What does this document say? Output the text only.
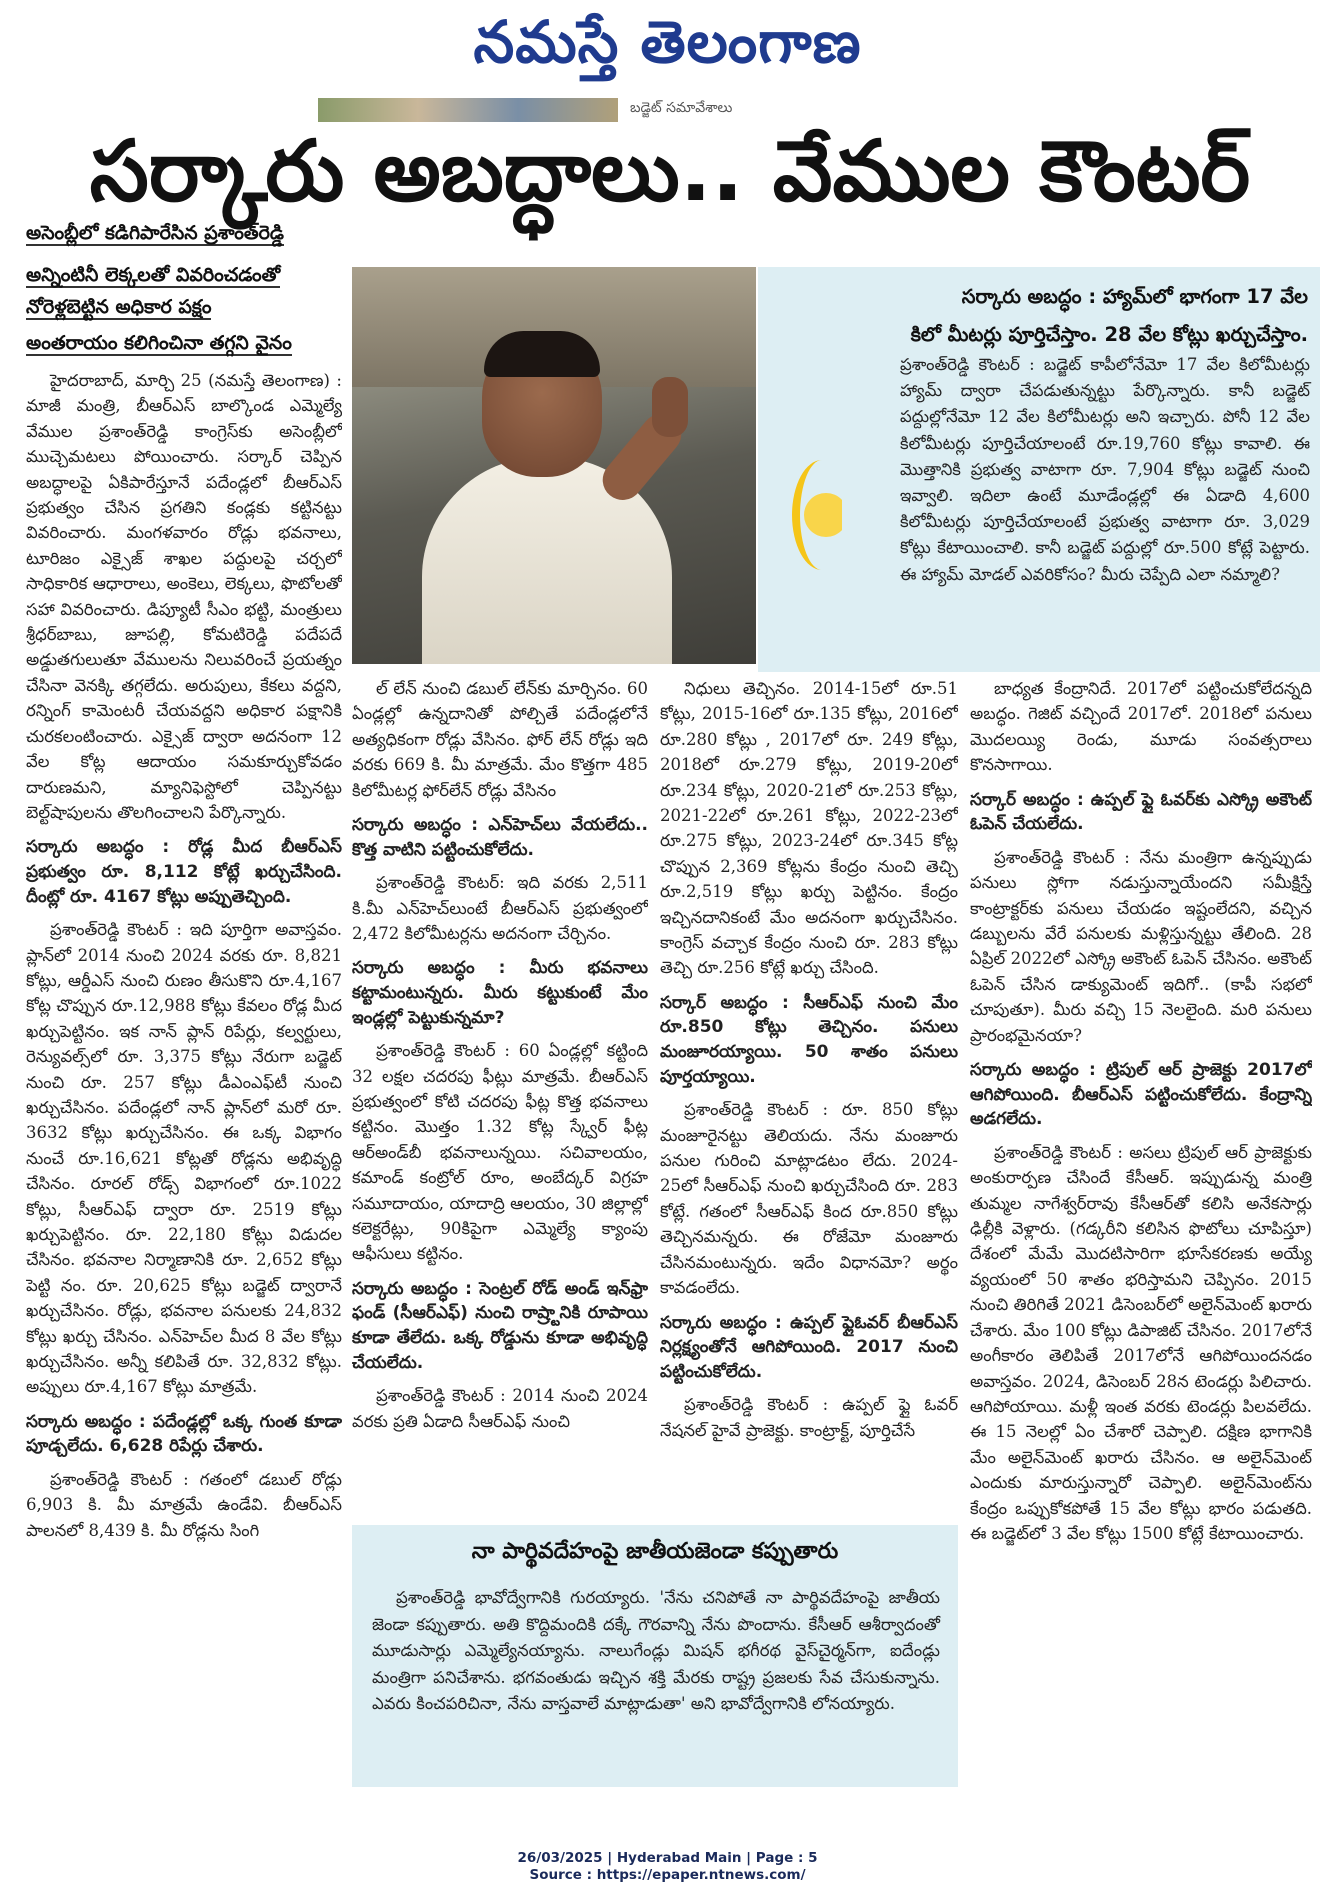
నమస్తే తెలంగాణ
బడ్జెట్ సమావేశాలు
సర్కారు అబద్ధాలు.. వేముల కౌంటర్
అసెంబ్లీలో కడిగిపారేసిన ప్రశాంత్‌రెడ్డి
అన్నింటినీ లెక్కలతో వివరించడంతో
నోరెళ్లబెట్టిన అధికార పక్షం
అంతరాయం కలిగించినా తగ్గని వైనం

హైదరాబాద్, మార్చి 25 (నమస్తే తెలంగాణ) : మాజీ మంత్రి, బీఆర్‌ఎస్ బాల్కొండ ఎమ్మెల్యే వేముల ప్రశాంత్‌రెడ్డి కాంగ్రెస్‌కు అసెంబ్లీలో ముచ్చెమటలు పోయించారు. సర్కార్ చెప్పిన అబద్ధాలపై ఏకిపారేస్తూనే పదేండ్లలో బీఆర్‌ఎస్ ప్రభుత్వం చేసిన ప్రగతిని కండ్లకు కట్టినట్టు వివరించారు. మంగళవారం రోడ్లు భవనాలు, టూరిజం ఎక్సైజ్ శాఖల పద్దులపై చర్చలో సాధికారిక ఆధారాలు, అంకెలు, లెక్కలు, ఫొటోలతో సహా వివరించారు. డిప్యూటీ సీఎం భట్టి, మంత్రులు శ్రీధర్‌బాబు, జూపల్లి, కోమటిరెడ్డి పదేపదే అడ్డుతగులుతూ వేములను నిలువరించే ప్రయత్నం చేసినా వెనక్కి తగ్గలేదు. అరుపులు, కేకలు వద్దని, రన్నింగ్ కామెంటరీ చేయవద్దని అధికార పక్షానికి చురకలంటించారు. ఎక్సైజ్ ద్వారా అదనంగా 12 వేల కోట్ల ఆదాయం సమకూర్చుకోవడం దారుణమని, మ్యానిఫెస్టోలో చెప్పినట్టు బెల్ట్‌షాపులను తొలగించాలని పేర్కొన్నారు.

సర్కారు అబద్ధం : రోడ్ల మీద బీఆర్‌ఎస్ ప్రభుత్వం రూ. 8,112 కోట్లే ఖర్చుచేసింది. దీంట్లో రూ. 4167 కోట్లు అప్పుతెచ్చింది.

ప్రశాంత్‌రెడ్డి కౌంటర్ : ఇది పూర్తిగా అవాస్తవం. ప్లాన్‌లో 2014 నుంచి 2024 వరకు రూ. 8,821 కోట్లు, ఆర్డీఎస్ నుంచి రుణం తీసుకొని రూ.4,167 కోట్ల చొప్పున రూ.12,988 కోట్లు కేవలం రోడ్ల మీద ఖర్చుపెట్టినం. ఇక నాన్ ప్లాన్ రిపేర్లు, కల్వర్టులు, రెన్యువల్స్‌లో రూ. 3,375 కోట్లు నేరుగా బడ్జెట్ నుంచి రూ. 257 కోట్లు డీఎంఎఫ్‌టీ నుంచి ఖర్చుచేసినం. పదేండ్లలో నాన్ ప్లాన్‌లో మరో రూ. 3632 కోట్లు ఖర్చుచేసినం. ఈ ఒక్క విభాగం నుంచే రూ.16,621 కోట్లతో రోడ్లను అభివృద్ధి చేసినం. రూరల్ రోడ్స్ విభాగంలో రూ.1022 కోట్లు, సీఆర్‌ఎఫ్ ద్వారా రూ. 2519 కోట్లు ఖర్చుపెట్టినం. రూ. 22,180 కోట్లు విడుదల చేసినం. భవనాల నిర్మాణానికి రూ. 2,652 కోట్లు పెట్టి నం. రూ. 20,625 కోట్లు బడ్జెట్ ద్వారానే ఖర్చుచేసినం. రోడ్లు, భవనాల పనులకు 24,832 కోట్లు ఖర్చు చేసినం. ఎన్‌హెచ్‌ల మీద 8 వేల కోట్లు ఖర్చుచేసినం. అన్నీ కలిపితే రూ. 32,832 కోట్లు. అప్పులు రూ.4,167 కోట్లు మాత్రమే.

సర్కారు అబద్ధం : పదేండ్లల్లో ఒక్క గుంత కూడా పూడ్చలేదు. 6,628 రిపేర్లు చేశారు.

ప్రశాంత్‌రెడ్డి కౌంటర్ : గతంలో డబుల్ రోడ్లు 6,903 కి. మీ మాత్రమే ఉండేవి. బీఆర్‌ఎస్ పాలనలో 8,439 కి. మీ రోడ్లను సింగి

ల్ లేన్ నుంచి డబుల్ లేన్‌కు మార్చినం. 60 ఏండ్లల్లో ఉన్నదానితో పోల్చితే పదేండ్లలోనే అత్యధికంగా రోడ్లు వేసినం. ఫోర్ లేన్ రోడ్లు ఇది వరకు 669 కి. మీ మాత్రమే. మేం కొత్తగా 485 కిలోమీటర్ల ఫోర్‌లేన్ రోడ్లు వేసినం

సర్కారు అబద్ధం : ఎన్‌హెచ్‌లు వేయలేదు.. కొత్త వాటిని పట్టించుకోలేదు.

ప్రశాంత్‌రెడ్డి కౌంటర్: ఇది వరకు 2,511 కి.మీ ఎన్‌హెచ్‌లుంటే బీఆర్‌ఎస్ ప్రభుత్వంలో 2,472 కిలోమీటర్లను అదనంగా చేర్చినం.

సర్కారు అబద్ధం : మీరు భవనాలు కట్టామంటున్నరు. మీరు కట్టుకుంటే మేం ఇండ్లల్లో పెట్టుకున్నమా?

ప్రశాంత్‌రెడ్డి కౌంటర్ : 60 ఏండ్లల్లో కట్టింది 32 లక్షల చదరపు ఫీట్లు మాత్రమే. బీఆర్‌ఎస్ ప్రభుత్వంలో కోటి చదరపు ఫీట్ల కొత్త భవనాలు కట్టినం. మొత్తం 1.32 కోట్ల స్క్వేర్ ఫీట్ల ఆర్‌అండ్‌బీ భవనాలున్నయి. సచివాలయం, కమాండ్ కంట్రోల్ రూం, అంబేద్కర్ విగ్రహ సమూదాయం, యాదాద్రి ఆలయం, 30 జిల్లాల్లో కలెక్టరేట్లు, 90కిపైగా ఎమ్మెల్యే క్యాంపు ఆఫీసులు కట్టినం.

సర్కారు అబద్ధం : సెంట్రల్ రోడ్ అండ్ ఇన్‌ఫ్రా ఫండ్ (సీఆర్‌ఎఫ్) నుంచి రాష్ర్టానికి రూపాయి కూడా తేలేదు. ఒక్క రోడ్డును కూడా అభివృద్ధి చేయలేదు.

ప్రశాంత్‌రెడ్డి కౌంటర్ : 2014 నుంచి 2024 వరకు ప్రతి ఏడాది సీఆర్‌ఎఫ్ నుంచి

నిధులు తెచ్చినం. 2014-15లో రూ.51 కోట్లు, 2015-16లో రూ.135 కోట్లు, 2016లో రూ.280 కోట్లు , 2017లో రూ. 249 కోట్లు, 2018లో రూ.279 కోట్లు, 2019-20లో రూ.234 కోట్లు, 2020-21లో రూ.253 కోట్లు, 2021-22లో రూ.261 కోట్లు, 2022-23లో రూ.275 కోట్లు, 2023-24లో రూ.345 కోట్ల చొప్పున 2,369 కోట్లను కేంద్రం నుంచి తెచ్చి రూ.2,519 కోట్లు ఖర్చు పెట్టినం. కేంద్రం ఇచ్చినదానికంటే మేం అదనంగా ఖర్చుచేసినం. కాంగ్రెస్ వచ్చాక కేంద్రం నుంచి రూ. 283 కోట్లు తెచ్చి రూ.256 కోట్లే ఖర్చు చేసింది.

సర్కార్ అబద్ధం : సీఆర్‌ఎఫ్ నుంచి మేం రూ.850 కోట్లు తెచ్చినం. పనులు మంజూరయ్యాయి. 50 శాతం పనులు పూర్తయ్యాయి.

ప్రశాంత్‌రెడ్డి కౌంటర్ : రూ. 850 కోట్లు మంజూరైనట్టు తెలియదు. నేను మంజూరు పనుల గురించి మాట్లాడటం లేదు. 2024-25లో సీఆర్‌ఎఫ్ నుంచి ఖర్చుచేసింది రూ. 283 కోట్లే. గతంలో సీఆర్‌ఎఫ్ కింద రూ.850 కోట్లు తెచ్చినమన్నరు. ఈ రోజేమో మంజూరు చేసినమంటున్నరు. ఇదేం విధానమో? అర్థం కావడంలేదు.

సర్కారు అబద్ధం : ఉప్పల్ ఫ్లైఓవర్ బీఆర్‌ఎస్ నిర్లక్ష్యంతోనే ఆగిపోయింది. 2017 నుంచి పట్టించుకోలేదు.

ప్రశాంత్‌రెడ్డి కౌంటర్ : ఉప్పల్ ఫ్లై ఓవర్ నేషనల్ హైవే ప్రాజెక్టు. కాంట్రాక్ట్, పూర్తిచేసే

బాధ్యత కేంద్రానిదే. 2017లో పట్టించుకోలేదన్నది అబద్ధం. గెజిట్ వచ్చిందే 2017లో. 2018లో పనులు మొదలయ్యి రెండు, మూడు సంవత్సరాలు కొనసాగాయి.

సర్కార్ అబద్ధం : ఉప్పల్ ఫ్లై ఓవర్‌కు ఎస్క్రో అకౌంట్ ఓపెన్ చేయలేదు.

ప్రశాంత్‌రెడ్డి కౌంటర్ : నేను మంత్రిగా ఉన్నప్పుడు పనులు స్లోగా నడుస్తున్నాయేందని సమీక్షిస్తే కాంట్రాక్టర్‌కు పనులు చేయడం ఇష్టంలేదని, వచ్చిన డబ్బులను వేరే పనులకు మళ్లిస్తున్నట్టు తేలింది. 28 ఏప్రిల్ 2022లో ఎస్క్రో అకౌంట్ ఓపెన్ చేసినం. అకౌంట్ ఓపెన్ చేసిన డాక్యుమెంట్ ఇదిగో.. (కాపీ సభలో చూపుతూ). మీరు వచ్చి 15 నెలలైంది. మరి పనులు ప్రారంభమైనయా?

సర్కారు అబద్ధం : ట్రిపుల్ ఆర్ ప్రాజెక్టు 2017లో ఆగిపోయింది. బీఆర్‌ఎస్ పట్టించుకోలేదు. కేంద్రాన్ని అడగలేదు.

ప్రశాంత్‌రెడ్డి కౌంటర్ : అసలు ట్రిపుల్ ఆర్ ప్రాజెక్టుకు అంకురార్పణ చేసిందే కేసీఆర్. ఇప్పుడున్న మంత్రి తుమ్మల నాగేశ్వర్‌రావు కేసీఆర్‌తో కలిసి అనేకసార్లు ఢిల్లీకి వెళ్లారు. (గడ్కరీని కలిసిన ఫొటోలు చూపిస్తూ) దేశంలో మేమే మొదటిసారిగా భూసేకరణకు అయ్యే వ్యయంలో 50 శాతం భరిస్తామని చెప్పినం. 2015 నుంచి తిరిగితే 2021 డిసెంబర్‌లో అలైన్‌మెంట్ ఖరారు చేశారు. మేం 100 కోట్లు డిపాజిట్ చేసినం. 2017లోనే అంగీకారం తెలిపితే 2017లోనే ఆగిపోయిందనడం అవాస్తవం. 2024, డిసెంబర్ 28న టెండర్లు పిలిచారు. ఆగిపోయాయి. మళ్లీ ఇంత వరకు టెండర్లు పిలవలేదు. ఈ 15 నెలల్లో ఏం చేశారో చెప్పాలి. దక్షిణ భాగానికి మేం అలైన్‌మెంట్ ఖరారు చేసినం. ఆ అలైన్‌మెంట్ ఎందుకు మారుస్తున్నారో చెప్పాలి. అలైన్‌మెంట్‌ను కేంద్రం ఒప్పుకోకపోతే 15 వేల కోట్లు భారం పడుతది. ఈ బడ్జెట్‌లో 3 వేల కోట్లు 1500 కోట్లే కేటాయించారు.

సర్కారు అబద్ధం : హ్యామ్‌లో భాగంగా 17 వేల
కిలో మీటర్లు పూర్తిచేస్తాం. 28 వేల కోట్లు ఖర్చుచేస్తాం.

ప్రశాంత్‌రెడ్డి కౌంటర్ : బడ్జెట్ కాపీలోనేమో 17 వేల కిలోమీటర్లు హ్యామ్ ద్వారా చేపడుతున్నట్టు పేర్కొన్నారు. కానీ బడ్జెట్ పద్దుల్లోనేమో 12 వేల కిలోమీటర్లు అని ఇచ్చారు. పోనీ 12 వేల కిలోమీటర్లు పూర్తిచేయాలంటే రూ.19,760 కోట్లు కావాలి. ఈ మొత్తానికి ప్రభుత్వ వాటాగా రూ. 7,904 కోట్లు బడ్జెట్ నుంచి ఇవ్వాలి. ఇదిలా ఉంటే మూడేండ్లల్లో ఈ ఏడాది 4,600 కిలోమీటర్లు పూర్తిచేయాలంటే ప్రభుత్వ వాటాగా రూ. 3,029 కోట్లు కేటాయించాలి. కానీ బడ్జెట్ పద్దుల్లో రూ.500 కోట్లే పెట్టారు. ఈ హ్యామ్ మోడల్ ఎవరికోసం? మీరు చెప్పేది ఎలా నమ్మాలి?

నా పార్థివదేహంపై జాతీయజెండా కప్పుతారు

ప్రశాంత్‌రెడ్డి భావోద్వేగానికి గురయ్యారు. 'నేను చనిపోతే నా పార్థివదేహంపై జాతీయ జెండా కప్పుతారు. అతి కొద్దిమందికి దక్కే గౌరవాన్ని నేను పొందాను. కేసీఆర్ ఆశీర్వాదంతో మూడుసార్లు ఎమ్మెల్యేనయ్యాను. నాలుగేండ్లు మిషన్ భగీరథ వైస్‌చైర్మన్‌గా, ఐదేండ్లు మంత్రిగా పనిచేశాను. భగవంతుడు ఇచ్చిన శక్తి మేరకు రాష్ట్ర ప్రజలకు సేవ చేసుకున్నాను. ఎవరు కించపరిచినా, నేను వాస్తవాలే మాట్లాడుతా' అని భావోద్వేగానికి లోనయ్యారు.

26/03/2025 | Hyderabad Main | Page : 5
Source : https://epaper.ntnews.com/
